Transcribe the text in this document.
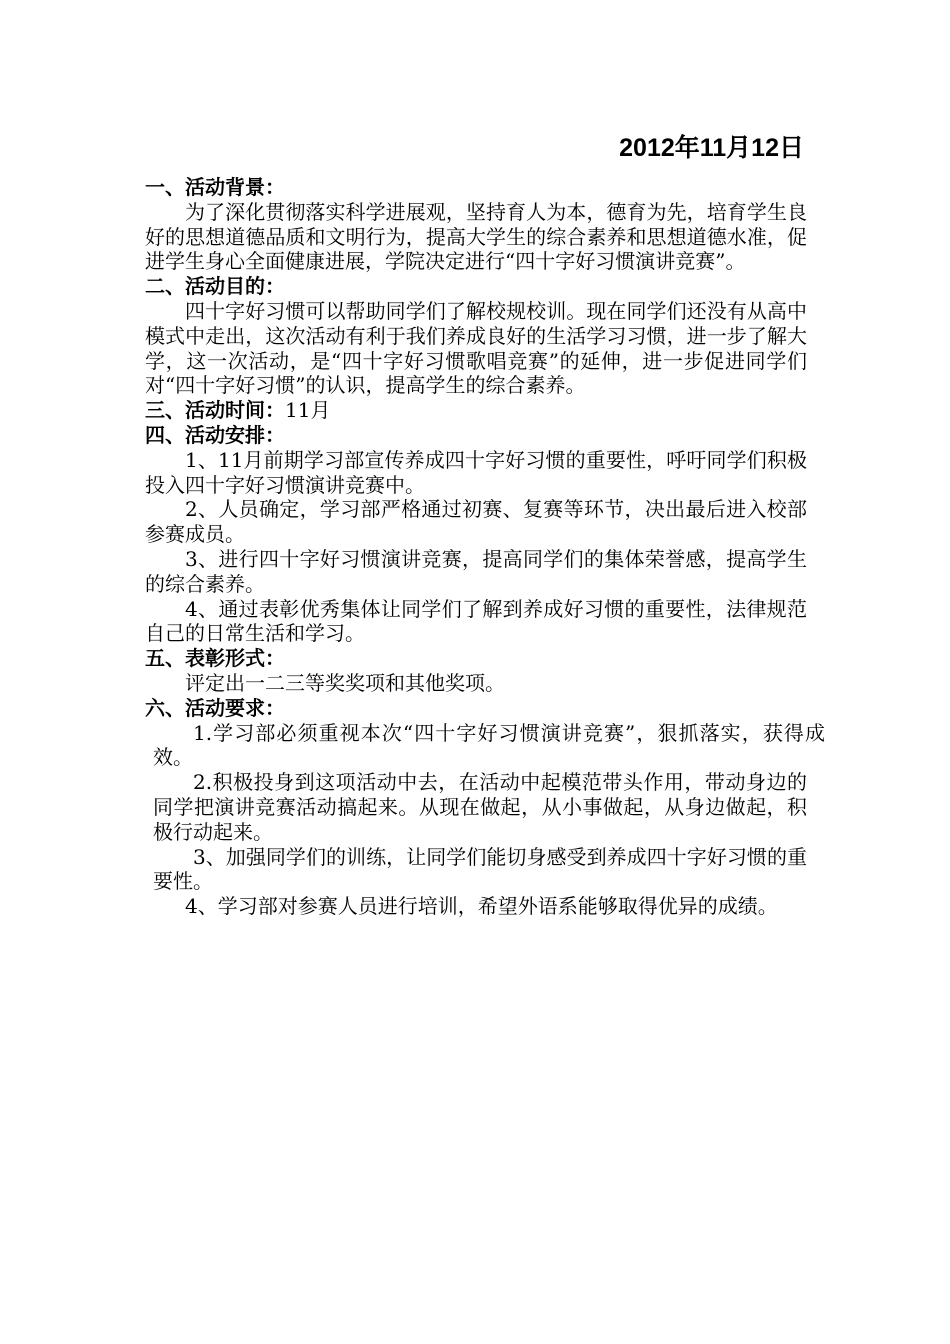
2012年11月12日
一、活动背景：
为了深化贯彻落实科学进展观，坚持育人为本，德育为先，培育学生良好的思想道德品质和文明行为，提高大学生的综合素养和思想道德水准，促进学生身心全面健康进展，学院决定进行“四十字好习惯演讲竞赛”。
二、活动目的：
四十字好习惯可以帮助同学们了解校规校训。现在同学们还没有从高中模式中走出，这次活动有利于我们养成良好的生活学习习惯，进一步了解大学，这一次活动，是“四十字好习惯歌唱竞赛”的延伸，进一步促进同学们对“四十字好习惯”的认识，提高学生的综合素养。
三、活动时间：11月
四、活动安排：
1、11月前期学习部宣传养成四十字好习惯的重要性，呼吁同学们积极投入四十字好习惯演讲竞赛中。
2、人员确定，学习部严格通过初赛、复赛等环节，决出最后进入校部参赛成员。
3、进行四十字好习惯演讲竞赛，提高同学们的集体荣誉感，提高学生的综合素养。
4、通过表彰优秀集体让同学们了解到养成好习惯的重要性，法律规范自己的日常生活和学习。
五、表彰形式：
评定出一二三等奖奖项和其他奖项。
六、活动要求：
1.学习部必须重视本次“四十字好习惯演讲竞赛”，狠抓落实，获得成效。
2.积极投身到这项活动中去，在活动中起模范带头作用，带动身边的同学把演讲竞赛活动搞起来。从现在做起，从小事做起，从身边做起，积极行动起来。
3、加强同学们的训练，让同学们能切身感受到养成四十字好习惯的重要性。
4、学习部对参赛人员进行培训，希望外语系能够取得优异的成绩。
